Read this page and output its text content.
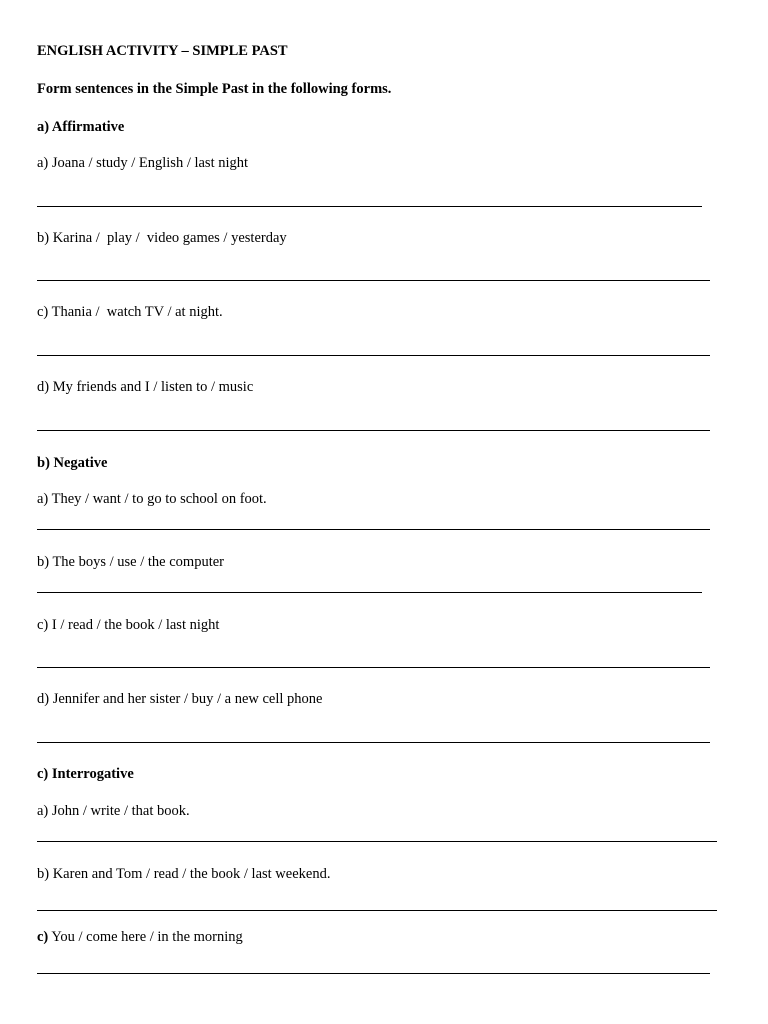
ENGLISH ACTIVITY – SIMPLE PAST
Form sentences in the Simple Past in the following forms.
a) Affirmative
a) Joana / study / English / last night
b) Karina /  play /  video games / yesterday
c) Thania /  watch TV / at night.
d) My friends and I / listen to / music
b) Negative
a) They / want / to go to school on foot.
b) The boys / use / the computer
c) I / read / the book / last night
d) Jennifer and her sister / buy / a new cell phone
c) Interrogative
a) John / write / that book.
b) Karen and Tom / read / the book / last weekend.
c) You / come here / in the morning
